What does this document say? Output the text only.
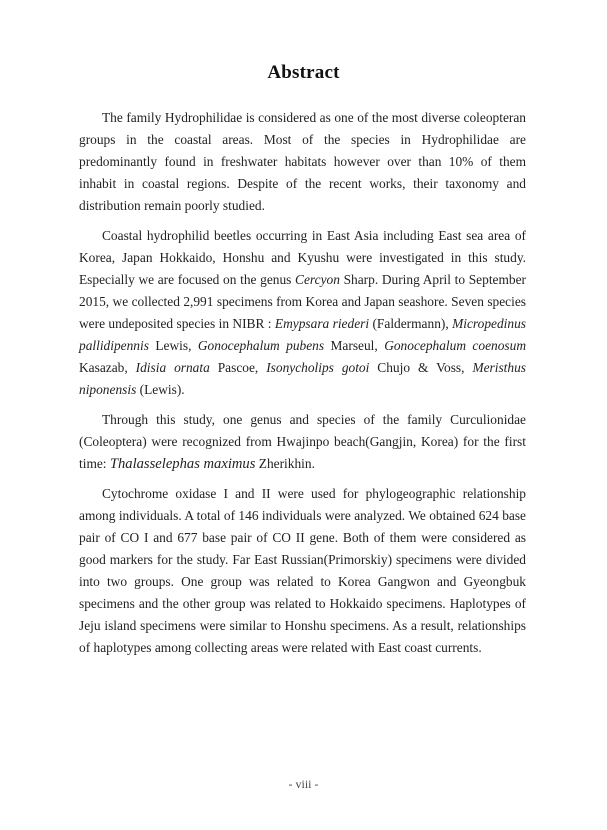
Abstract

The family Hydrophilidae is considered as one of the most diverse coleopteran groups in the coastal areas. Most of the species in Hydrophilidae are predominantly found in freshwater habitats however over than 10% of them inhabit in coastal regions. Despite of the recent works, their taxonomy and distribution remain poorly studied.

Coastal hydrophilid beetles occurring in East Asia including East sea area of Korea, Japan Hokkaido, Honshu and Kyushu were investigated in this study. Especially we are focused on the genus Cercyon Sharp. During April to September 2015, we collected 2,991 specimens from Korea and Japan seashore. Seven species were undeposited species in NIBR : Emypsara riederi (Faldermann), Micropedinus pallidipennis Lewis, Gonocephalum pubens Marseul, Gonocephalum coenosum Kasazab, Idisia ornata Pascoe, Isonycholips gotoi Chujo & Voss, Meristhus niponensis (Lewis).

Through this study, one genus and species of the family Curculionidae (Coleoptera) were recognized from Hwajinpo beach(Gangjin, Korea) for the first time: Thalasselephas maximus Zherikhin.

Cytochrome oxidase I and II were used for phylogeographic relationship among individuals. A total of 146 individuals were analyzed. We obtained 624 base pair of CO I and 677 base pair of CO II gene. Both of them were considered as good markers for the study. Far East Russian(Primorskiy) specimens were divided into two groups. One group was related to Korea Gangwon and Gyeongbuk specimens and the other group was related to Hokkaido specimens. Haplotypes of Jeju island specimens were similar to Honshu specimens. As a result, relationships of haplotypes among collecting areas were related with East coast currents.

- viii -
